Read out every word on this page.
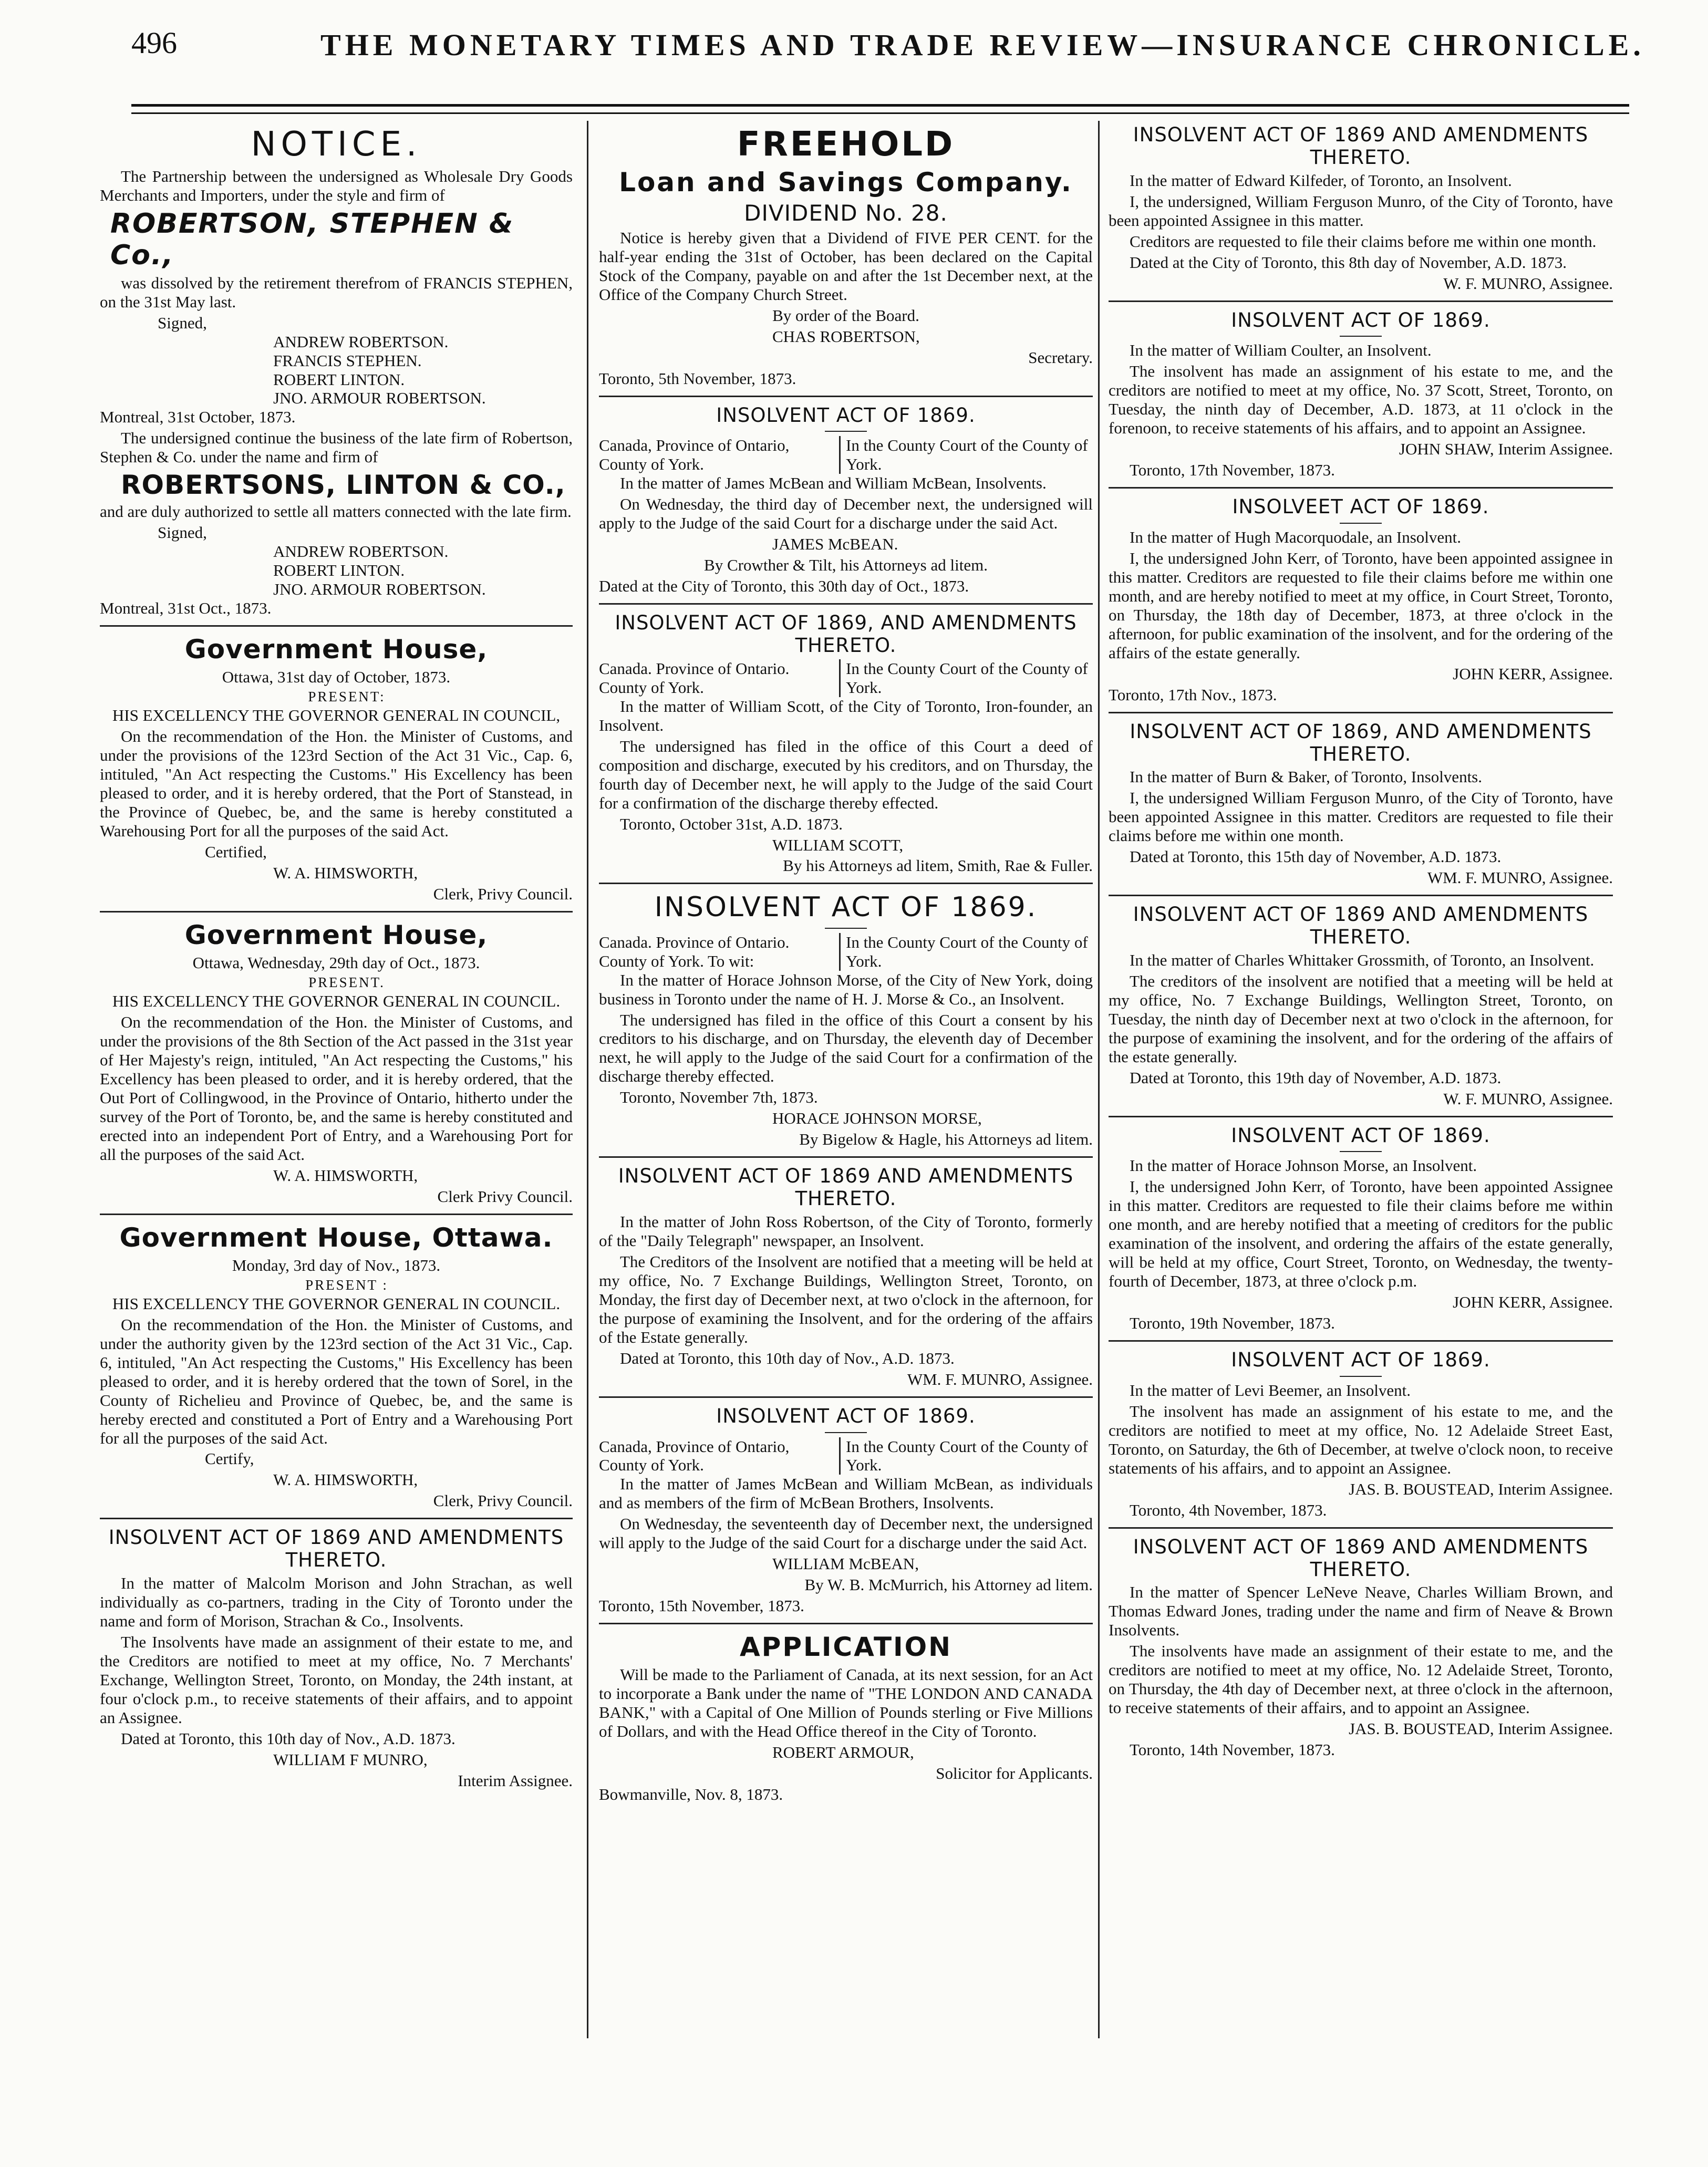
496	THE MONETARY TIMES AND TRADE REVIEW—INSURANCE CHRONICLE.
NOTICE.

The Partnership between the undersigned as Wholesale Dry Goods Merchants and Importers, under the style and firm of

ROBERTSON, STEPHEN & Co.,

was dissolved by the retirement therefrom of FRANCIS STEPHEN, on the 31st May last.

Signed,
ANDREW ROBERTSON.
FRANCIS STEPHEN.
ROBERT LINTON.
JNO. ARMOUR ROBERTSON.

Montreal, 31st October, 1873.

The undersigned continue the business of the late firm of Robertson, Stephen & Co. under the name and firm of

ROBERTSONS, LINTON & CO.,

and are duly authorized to settle all matters connected with the late firm.

Signed,
ANDREW ROBERTSON.
ROBERT LINTON.
JNO. ARMOUR ROBERTSON.

Montreal, 31st Oct., 1873.

Government House,

Ottawa, 31st day of October, 1873.

PRESENT:

HIS EXCELLENCY THE GOVERNOR GENERAL IN COUNCIL,

On the recommendation of the Hon. the Minister of Customs, and under the provisions of the 123rd Section of the Act 31 Vic., Cap. 6, intituled, "An Act respecting the Customs." His Excellency has been pleased to order, and it is hereby ordered, that the Port of Stanstead, in the Province of Quebec, be, and the same is hereby constituted a Warehousing Port for all the purposes of the said Act.

Certified,

W. A. HIMSWORTH,

Clerk, Privy Council.

Government House,

Ottawa, Wednesday, 29th day of Oct., 1873.

PRESENT.

HIS EXCELLENCY THE GOVERNOR GENERAL IN COUNCIL.

On the recommendation of the Hon. the Minister of Customs, and under the provisions of the 8th Section of the Act passed in the 31st year of Her Majesty's reign, intituled, "An Act respecting the Customs," his Excellency has been pleased to order, and it is hereby ordered, that the Out Port of Collingwood, in the Province of Ontario, hitherto under the survey of the Port of Toronto, be, and the same is hereby constituted and erected into an independent Port of Entry, and a Warehousing Port for all the purposes of the said Act.

W. A. HIMSWORTH,

Clerk Privy Council.

Government House, Ottawa.

Monday, 3rd day of Nov., 1873.

PRESENT :

HIS EXCELLENCY THE GOVERNOR GENERAL IN COUNCIL.

On the recommendation of the Hon. the Minister of Customs, and under the authority given by the 123rd section of the Act 31 Vic., Cap. 6, intituled, "An Act respecting the Customs," His Excellency has been pleased to order, and it is hereby ordered that the town of Sorel, in the County of Richelieu and Province of Quebec, be, and the same is hereby erected and constituted a Port of Entry and a Warehousing Port for all the purposes of the said Act.

Certify,

W. A. HIMSWORTH,

Clerk, Privy Council.

INSOLVENT ACT OF 1869 AND AMENDMENTS THERETO.

In the matter of Malcolm Morison and John Strachan, as well individually as co-partners, trading in the City of Toronto under the name and form of Morison, Strachan & Co., Insolvents.

The Insolvents have made an assignment of their estate to me, and the Creditors are notified to meet at my office, No. 7 Merchants' Exchange, Wellington Street, Toronto, on Monday, the 24th instant, at four o'clock p.m., to receive statements of their affairs, and to appoint an Assignee.

Dated at Toronto, this 10th day of Nov., A.D. 1873.

WILLIAM F MUNRO,

Interim Assignee.

FREEHOLD
Loan and Savings Company.
DIVIDEND No. 28.

Notice is hereby given that a Dividend of FIVE PER CENT. for the half-year ending the 31st of October, has been declared on the Capital Stock of the Company, payable on and after the 1st December next, at the Office of the Company Church Street.

By order of the Board.

CHAS ROBERTSON,

Secretary.

Toronto, 5th November, 1873.

INSOLVENT ACT OF 1869.
Canada, Province of Ontario, County of York.
In the County Court of the County of York.

In the matter of James McBean and William McBean, Insolvents.

On Wednesday, the third day of December next, the undersigned will apply to the Judge of the said Court for a discharge under the said Act.

JAMES McBEAN.

By Crowther & Tilt, his Attorneys ad litem.

Dated at the City of Toronto, this 30th day of Oct., 1873.

INSOLVENT ACT OF 1869, AND AMENDMENTS THERETO.
Canada. Province of Ontario. County of York.
In the County Court of the County of York.

In the matter of William Scott, of the City of Toronto, Iron-founder, an Insolvent.

The undersigned has filed in the office of this Court a deed of composition and discharge, executed by his creditors, and on Thursday, the fourth day of December next, he will apply to the Judge of the said Court for a confirmation of the discharge thereby effected.

Toronto, October 31st, A.D. 1873.

WILLIAM SCOTT,

By his Attorneys ad litem, Smith, Rae & Fuller.

INSOLVENT ACT OF 1869.
Canada. Province of Ontario. County of York. To wit:
In the County Court of the County of York.

In the matter of Horace Johnson Morse, of the City of New York, doing business in Toronto under the name of H. J. Morse & Co., an Insolvent.

The undersigned has filed in the office of this Court a consent by his creditors to his discharge, and on Thursday, the eleventh day of December next, he will apply to the Judge of the said Court for a confirmation of the discharge thereby effected.

Toronto, November 7th, 1873.

HORACE JOHNSON MORSE,

By Bigelow & Hagle, his Attorneys ad litem.

INSOLVENT ACT OF 1869 AND AMENDMENTS THERETO.

In the matter of John Ross Robertson, of the City of Toronto, formerly of the "Daily Telegraph" newspaper, an Insolvent.

The Creditors of the Insolvent are notified that a meeting will be held at my office, No. 7 Exchange Buildings, Wellington Street, Toronto, on Monday, the first day of December next, at two o'clock in the afternoon, for the purpose of examining the Insolvent, and for the ordering of the affairs of the Estate generally.

Dated at Toronto, this 10th day of Nov., A.D. 1873.

WM. F. MUNRO, Assignee.

INSOLVENT ACT OF 1869.
Canada, Province of Ontario, County of York.
In the County Court of the County of York.

In the matter of James McBean and William McBean, as individuals and as members of the firm of McBean Brothers, Insolvents.

On Wednesday, the seventeenth day of December next, the undersigned will apply to the Judge of the said Court for a discharge under the said Act.

WILLIAM McBEAN,

By W. B. McMurrich, his Attorney ad litem.

Toronto, 15th November, 1873.

APPLICATION

Will be made to the Parliament of Canada, at its next session, for an Act to incorporate a Bank under the name of "THE LONDON AND CANADA BANK," with a Capital of One Million of Pounds sterling or Five Millions of Dollars, and with the Head Office thereof in the City of Toronto.

ROBERT ARMOUR,

Solicitor for Applicants.

Bowmanville, Nov. 8, 1873.

INSOLVENT ACT OF 1869 AND AMENDMENTS THERETO.

In the matter of Edward Kilfeder, of Toronto, an Insolvent.

I, the undersigned, William Ferguson Munro, of the City of Toronto, have been appointed Assignee in this matter.

Creditors are requested to file their claims before me within one month.

Dated at the City of Toronto, this 8th day of November, A.D. 1873.

W. F. MUNRO, Assignee.

INSOLVENT ACT OF 1869.

In the matter of William Coulter, an Insolvent.

The insolvent has made an assignment of his estate to me, and the creditors are notified to meet at my office, No. 37 Scott, Street, Toronto, on Tuesday, the ninth day of December, A.D. 1873, at 11 o'clock in the forenoon, to receive statements of his affairs, and to appoint an Assignee.

JOHN SHAW, Interim Assignee.

Toronto, 17th November, 1873.

INSOLVEET ACT OF 1869.

In the matter of Hugh Macorquodale, an Insolvent.

I, the undersigned John Kerr, of Toronto, have been appointed assignee in this matter. Creditors are requested to file their claims before me within one month, and are hereby notified to meet at my office, in Court Street, Toronto, on Thursday, the 18th day of December, 1873, at three o'clock in the afternoon, for public examination of the insolvent, and for the ordering of the affairs of the estate generally.

JOHN KERR, Assignee.

Toronto, 17th Nov., 1873.

INSOLVENT ACT OF 1869, AND AMENDMENTS THERETO.

In the matter of Burn & Baker, of Toronto, Insolvents.

I, the undersigned William Ferguson Munro, of the City of Toronto, have been appointed Assignee in this matter. Creditors are requested to file their claims before me within one month.

Dated at Toronto, this 15th day of November, A.D. 1873.

WM. F. MUNRO, Assignee.

INSOLVENT ACT OF 1869 AND AMENDMENTS THERETO.

In the matter of Charles Whittaker Grossmith, of Toronto, an Insolvent.

The creditors of the insolvent are notified that a meeting will be held at my office, No. 7 Exchange Buildings, Wellington Street, Toronto, on Tuesday, the ninth day of December next at two o'clock in the afternoon, for the purpose of examining the insolvent, and for the ordering of the affairs of the estate generally.

Dated at Toronto, this 19th day of November, A.D. 1873.

W. F. MUNRO, Assignee.

INSOLVENT ACT OF 1869.

In the matter of Horace Johnson Morse, an Insolvent.

I, the undersigned John Kerr, of Toronto, have been appointed Assignee in this matter. Creditors are requested to file their claims before me within one month, and are hereby notified that a meeting of creditors for the public examination of the insolvent, and ordering the affairs of the estate generally, will be held at my office, Court Street, Toronto, on Wednesday, the twenty-fourth of December, 1873, at three o'clock p.m.

JOHN KERR, Assignee.

Toronto, 19th November, 1873.

INSOLVENT ACT OF 1869.

In the matter of Levi Beemer, an Insolvent.

The insolvent has made an assignment of his estate to me, and the creditors are notified to meet at my office, No. 12 Adelaide Street East, Toronto, on Saturday, the 6th of December, at twelve o'clock noon, to receive statements of his affairs, and to appoint an Assignee.

JAS. B. BOUSTEAD, Interim Assignee.

Toronto, 4th November, 1873.

INSOLVENT ACT OF 1869 AND AMENDMENTS THERETO.

In the matter of Spencer LeNeve Neave, Charles William Brown, and Thomas Edward Jones, trading under the name and firm of Neave & Brown Insolvents.

The insolvents have made an assignment of their estate to me, and the creditors are notified to meet at my office, No. 12 Adelaide Street, Toronto, on Thursday, the 4th day of December next, at three o'clock in the afternoon, to receive statements of their affairs, and to appoint an Assignee.

JAS. B. BOUSTEAD, Interim Assignee.

Toronto, 14th November, 1873.
